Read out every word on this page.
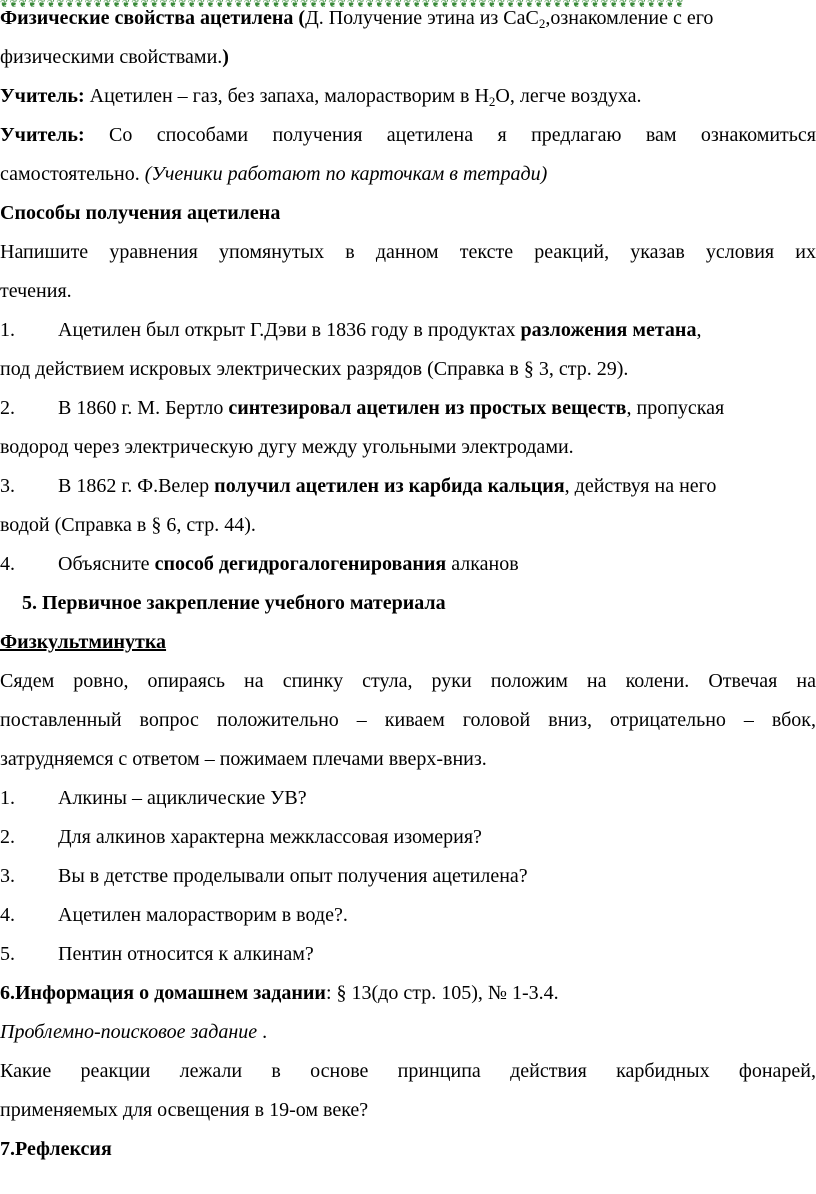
❦❦❦❦❦❦❦❦❦❦❦❦❦❦❦❦❦❦❦❦❦❦❦❦❦❦❦❦❦❦❦❦❦❦❦❦❦❦❦❦❦❦❦❦❦❦❦❦❦❦❦❦❦❦❦❦❦❦❦❦❦❦❦❦❦❦❦❦❦❦❦❦❦
Физические свойства ацетилена (Д. Получение этина из СаС$_2$,ознакомление с его
физическими свойствами.)
Учитель: Ацетилен – газ, без запаха, малорастворим в $Н_2О$, легче воздуха.
Учитель: Со способами получения ацетилена я предлагаю вам ознакомиться
самостоятельно. (Ученики работают по карточкам в тетради)
Способы получения ацетилена
Напишите уравнения упомянутых в данном тексте реакций, указав условия их
течения.
1. Ацетилен был открыт Г.Дэви в 1836 году в продуктах разложения метана,
под действием искровых электрических разрядов (Справка в § 3, стр. 29).
2. В 1860 г. М. Бертло синтезировал ацетилен из простых веществ, пропуская
водород через электрическую дугу между угольными электродами.
3. В 1862 г. Ф.Велер получил ацетилен из карбида кальция, действуя на него
водой (Справка в § 6, стр. 44).
4. Объясните способ дегидрогалогенирования алканов
5. Первичное закрепление учебного материала
Физкультминутка
Сядем ровно, опираясь на спинку стула, руки положим на колени. Отвечая на
поставленный вопрос положительно – киваем головой вниз, отрицательно – вбок,
затрудняемся с ответом – пожимаем плечами вверх-вниз.
1. Алкины – ациклические УВ?
2. Для алкинов характерна межклассовая изомерия?
3. Вы в детстве проделывали опыт получения ацетилена?
4. Ацетилен малорастворим в воде?.
5. Пентин относится к алкинам?
6.Информация о домашнем задании: § 13(до стр. 105), № 1-3.4.
Проблемно-поисковое задание .
Какие реакции лежали в основе принципа действия карбидных фонарей,
применяемых для освещения в 19-ом веке?
7.Рефлексия
